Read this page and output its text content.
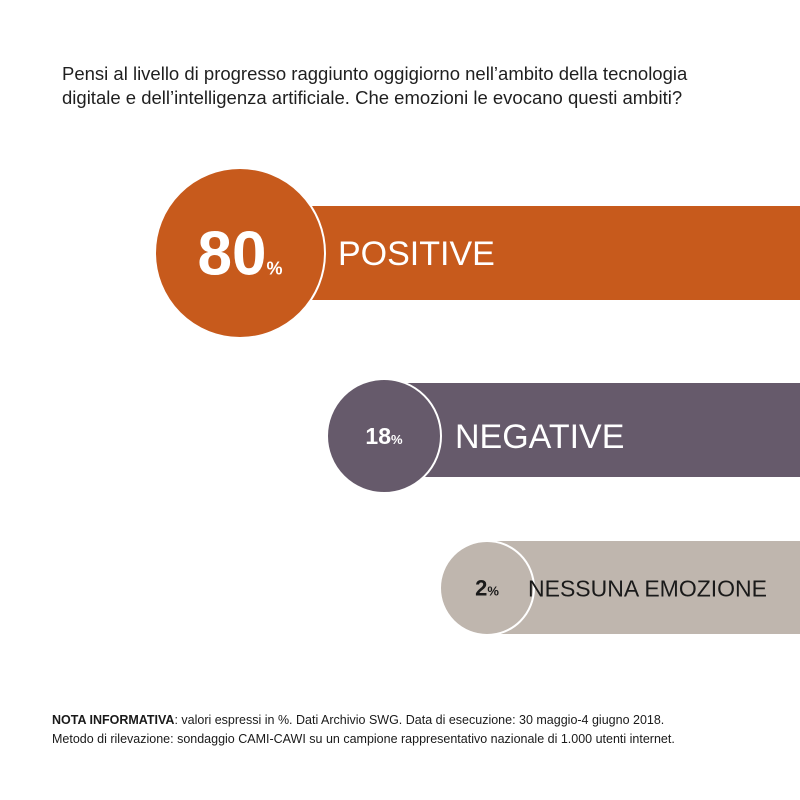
Pensi al livello di progresso raggiunto oggigiorno nell’ambito della tecnologia
digitale e dell’intelligenza artificiale. Che emozioni le evocano questi ambiti?

80% POSITIVE
18% NEGATIVE
2% NESSUNA EMOZIONE
NOTA INFORMATIVA: valori espressi in %. Dati Archivio SWG. Data di esecuzione: 30 maggio-4 giugno 2018.
Metodo di rilevazione: sondaggio CAMI-CAWI su un campione rappresentativo nazionale di 1.000 utenti internet.
